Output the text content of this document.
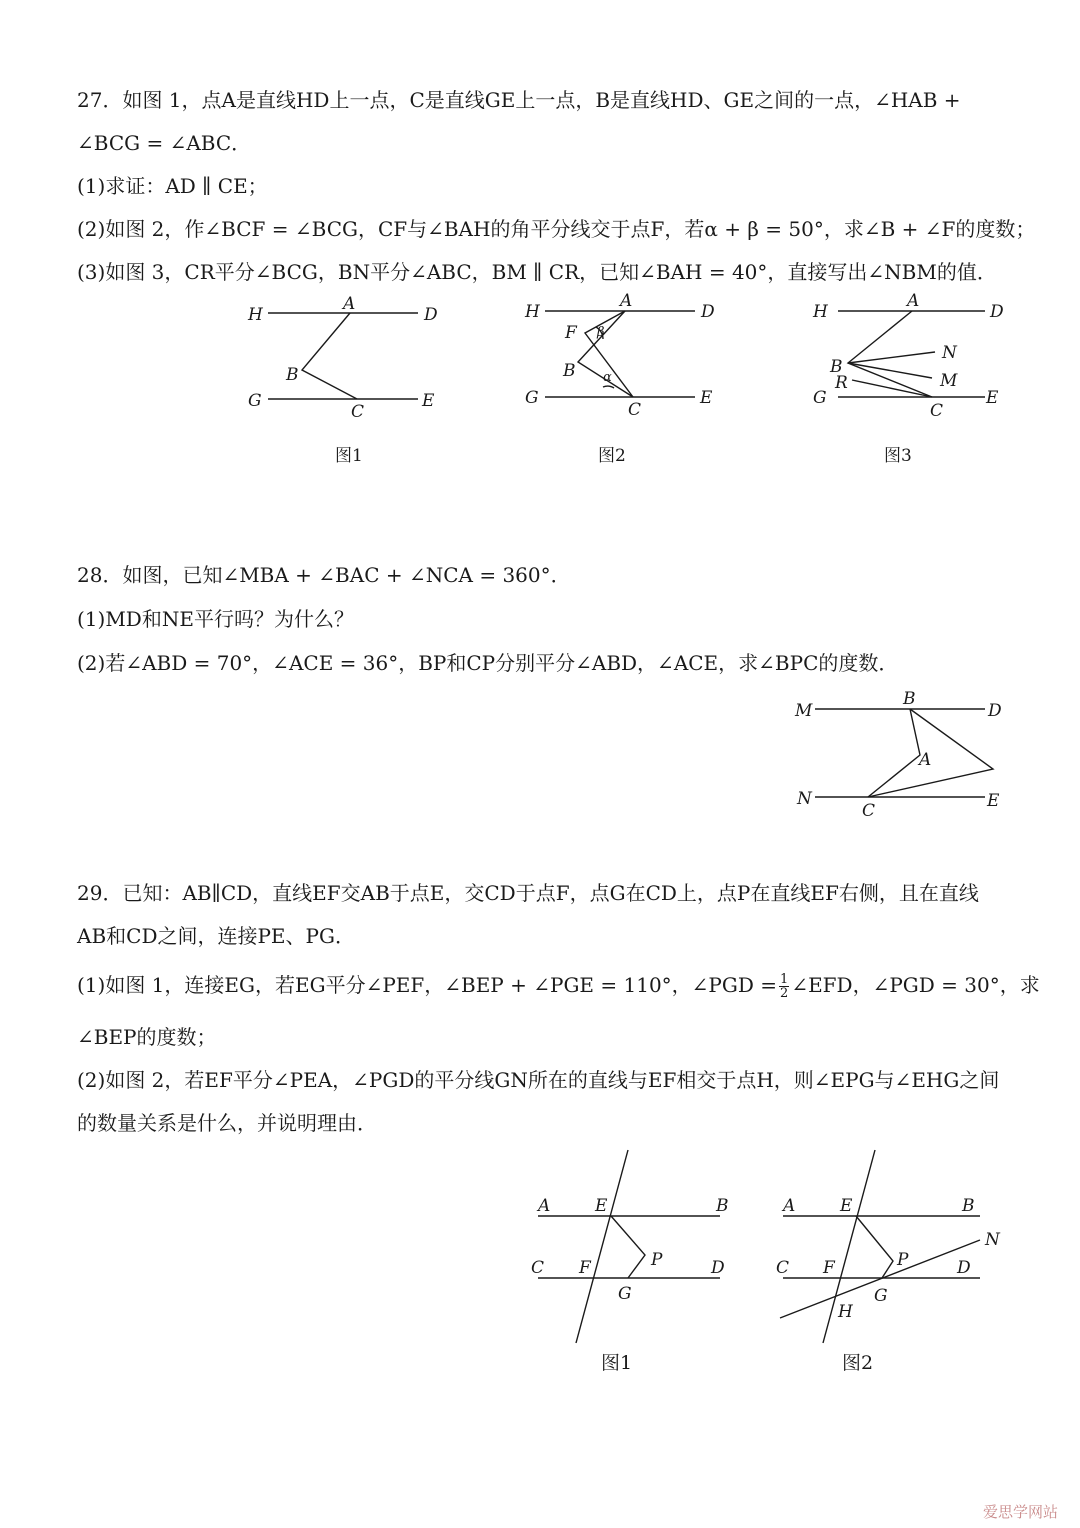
27．如图 1，点A是直线HD上一点，C是直线GE上一点，B是直线HD、GE之间的一点，∠HAB +
∠BCG = ∠ABC．
(1)求证：AD ∥ CE；
(2)如图 2，作∠BCF = ∠BCG，CF与∠BAH的角平分线交于点F，若α + β = 50°，求∠B + ∠F的度数；
(3)如图 3，CR平分∠BCG，BN平分∠ABC，BM ∥ CR，已知∠BAH = 40°，直接写出∠NBM的值．
28．如图，已知∠MBA + ∠BAC + ∠NCA = 360°．
(1)MD和NE平行吗？为什么？
(2)若∠ABD = 70°，∠ACE = 36°，BP和CP分别平分∠ABD，∠ACE，求∠BPC的度数．
29．已知：AB∥CD，直线EF交AB于点E，交CD于点F，点G在CD上，点P在直线EF右侧，且在直线
AB和CD之间，连接PE、PG．
(1)如图 1，连接EG，若EG平分∠PEF，∠BEP + ∠PGE = 110°，∠PGD = $\frac{1}{2}$ ∠EFD，∠PGD = 30°，求
∠BEP的度数；
(2)如图 2，若EF平分∠PEA，∠PGD的平分线GN所在的直线与EF相交于点H，则∠EPG与∠EHG之间
的数量关系是什么，并说明理由．
H
A
D
B
G
C
E
图1
H
A
D
F β
B α
G
C
E
图2
H
A
D
N
B
R	M
G
C
E
图3
M
B
D
A
N
C	E
A	E	B
C F	P	D
G
图1
A	E	B
N
C F	P	D
G
H
图2
爱思学网站
